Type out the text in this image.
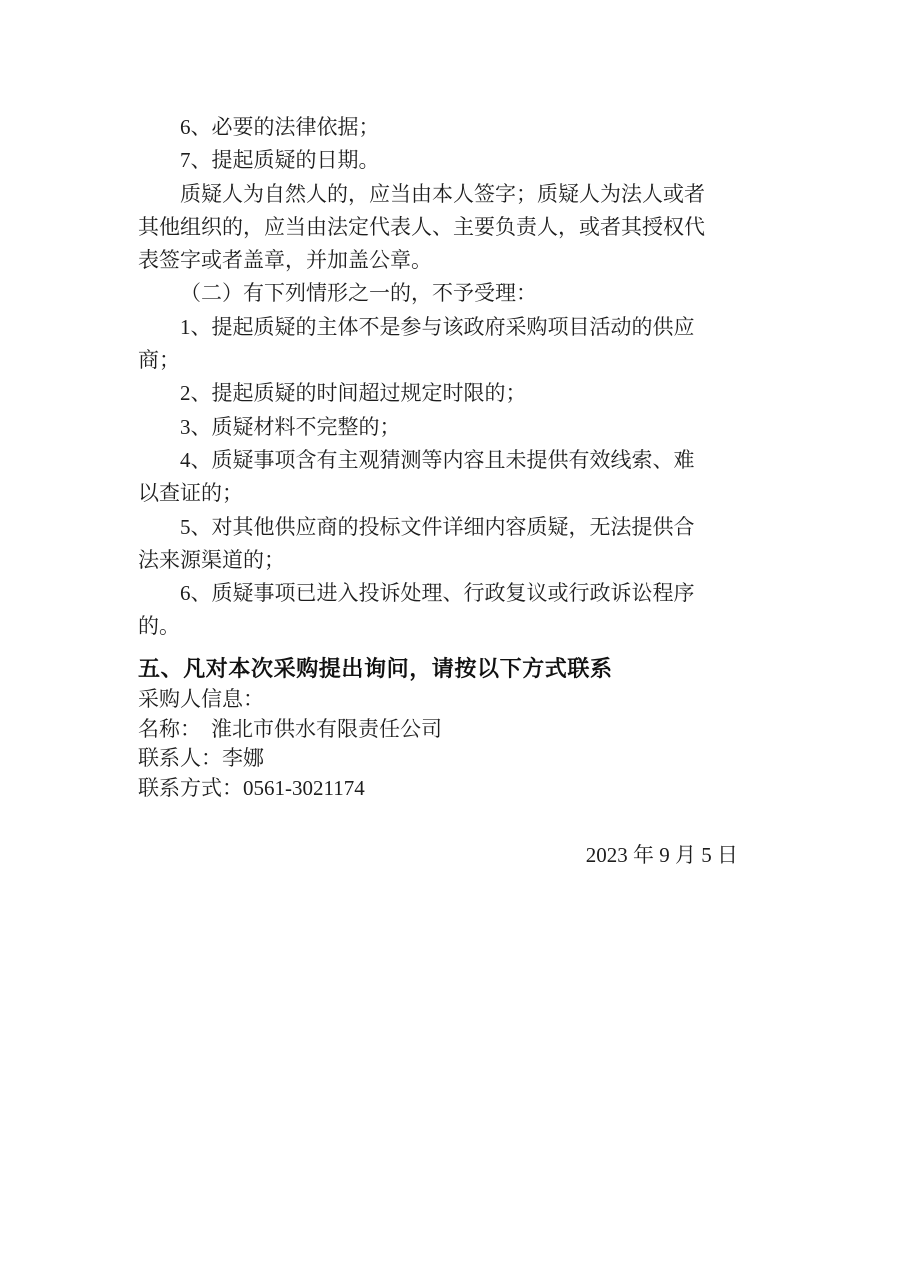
6、必要的法律依据；

7、提起质疑的日期。

质疑人为自然人的，应当由本人签字；质疑人为法人或者其他组织的，应当由法定代表人、主要负责人，或者其授权代表签字或者盖章，并加盖公章。

（二）有下列情形之一的，不予受理：

1、提起质疑的主体不是参与该政府采购项目活动的供应商；

2、提起质疑的时间超过规定时限的；

3、质疑材料不完整的；

4、质疑事项含有主观猜测等内容且未提供有效线索、难以查证的；

5、对其他供应商的投标文件详细内容质疑，无法提供合法来源渠道的；

6、质疑事项已进入投诉处理、行政复议或行政诉讼程序的。

五、凡对本次采购提出询问，请按以下方式联系

采购人信息：

名称： 淮北市供水有限责任公司

联系人：李娜

联系方式：0561-3021174

2023 年 9 月 5 日
